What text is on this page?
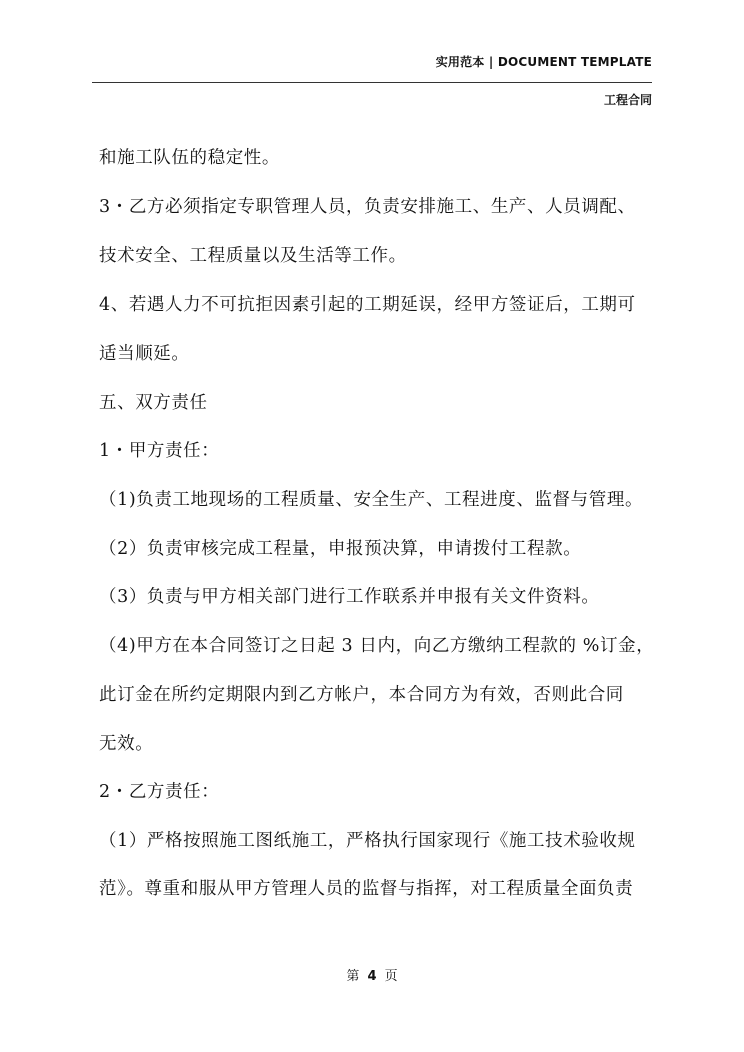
实用范本 | DOCUMENT TEMPLATE
工程合同
和施工队伍的稳定性。
3・乙方必须指定专职管理人员，负责安排施工、生产、人员调配、
技术安全、工程质量以及生活等工作。
4、若遇人力不可抗拒因素引起的工期延误，经甲方签证后，工期可
适当顺延。
五、双方责任
1・甲方责任：
（1)负责工地现场的工程质量、安全生产、工程进度、监督与管理。
（2）负责审核完成工程量，申报预决算，申请拨付工程款。
（3）负责与甲方相关部门进行工作联系并申报有关文件资料。
（4)甲方在本合同签订之日起 3 日内，向乙方缴纳工程款的 %订金，
此订金在所约定期限内到乙方帐户，本合同方为有效，否则此合同
无效。
2・乙方责任：
（1）严格按照施工图纸施工，严格执行国家现行《施工技术验收规
范》。尊重和服从甲方管理人员的监督与指挥，对工程质量全面负责
第 4 页
